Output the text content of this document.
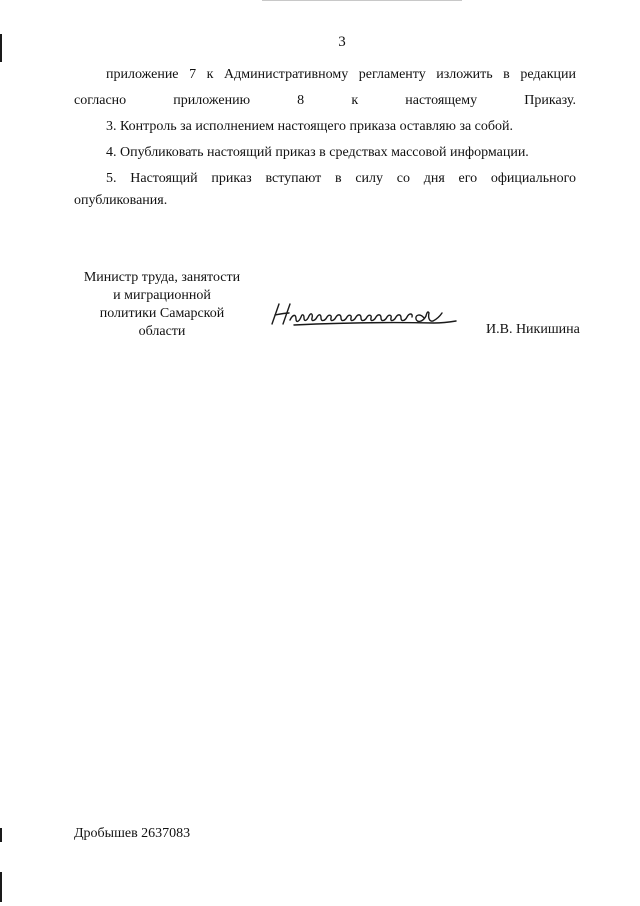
3

приложение 7 к Административному регламенту изложить в редакции согласно приложению 8 к настоящему Приказу.

3. Контроль за исполнением настоящего приказа оставляю за собой.

4. Опубликовать настоящий приказ в средствах массовой информации.

5. Настоящий приказ вступают в силу со дня его официального опубликования.

Министр труда, занятости
и миграционной
политики Самарской
области	И.В. Никишина
Дробышев 2637083
